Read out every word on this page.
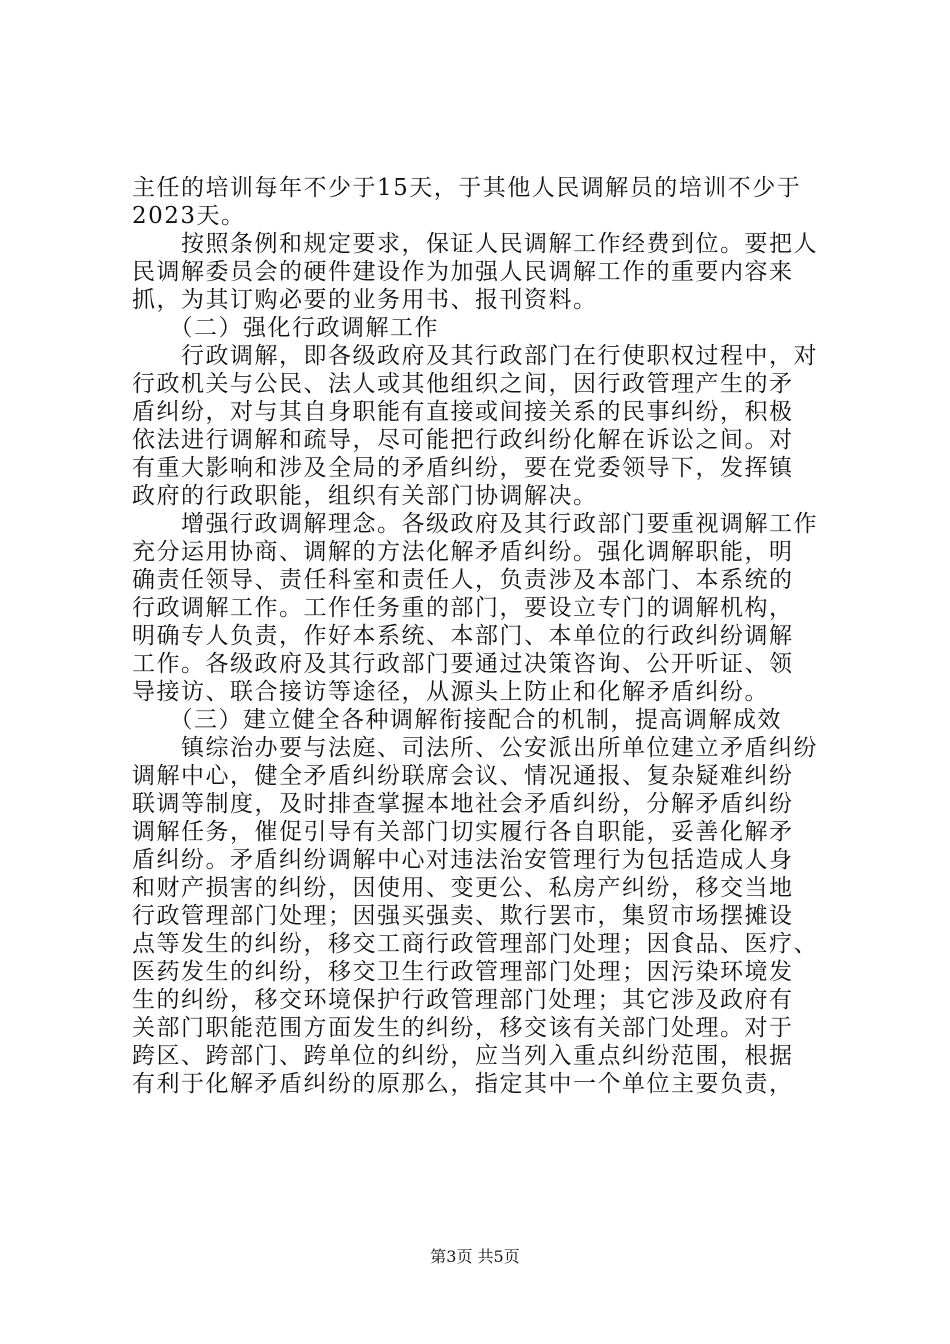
主任的培训每年不少于15天，于其他人民调解员的培训不少于
2023天。
　　按照条例和规定要求，保证人民调解工作经费到位。要把人
民调解委员会的硬件建设作为加强人民调解工作的重要内容来
抓，为其订购必要的业务用书、报刊资料。
　　（二）强化行政调解工作
　　行政调解，即各级政府及其行政部门在行使职权过程中，对
行政机关与公民、法人或其他组织之间，因行政管理产生的矛
盾纠纷，对与其自身职能有直接或间接关系的民事纠纷，积极
依法进行调解和疏导，尽可能把行政纠纷化解在诉讼之间。对
有重大影响和涉及全局的矛盾纠纷，要在党委领导下，发挥镇
政府的行政职能，组织有关部门协调解决。
　　增强行政调解理念。各级政府及其行政部门要重视调解工作
充分运用协商、调解的方法化解矛盾纠纷。强化调解职能，明
确责任领导、责任科室和责任人，负责涉及本部门、本系统的
行政调解工作。工作任务重的部门，要设立专门的调解机构，
明确专人负责，作好本系统、本部门、本单位的行政纠纷调解
工作。各级政府及其行政部门要通过决策咨询、公开听证、领
导接访、联合接访等途径，从源头上防止和化解矛盾纠纷。
　　（三）建立健全各种调解衔接配合的机制，提高调解成效
　　镇综治办要与法庭、司法所、公安派出所单位建立矛盾纠纷
调解中心，健全矛盾纠纷联席会议、情况通报、复杂疑难纠纷
联调等制度，及时排查掌握本地社会矛盾纠纷，分解矛盾纠纷
调解任务，催促引导有关部门切实履行各自职能，妥善化解矛
盾纠纷。矛盾纠纷调解中心对违法治安管理行为包括造成人身
和财产损害的纠纷，因使用、变更公、私房产纠纷，移交当地
行政管理部门处理；因强买强卖、欺行罢市，集贸市场摆摊设
点等发生的纠纷，移交工商行政管理部门处理；因食品、医疗、
医药发生的纠纷，移交卫生行政管理部门处理；因污染环境发
生的纠纷，移交环境保护行政管理部门处理；其它涉及政府有
关部门职能范围方面发生的纠纷，移交该有关部门处理。对于
跨区、跨部门、跨单位的纠纷，应当列入重点纠纷范围，根据
有利于化解矛盾纠纷的原那么，指定其中一个单位主要负责，
第3页 共5页
